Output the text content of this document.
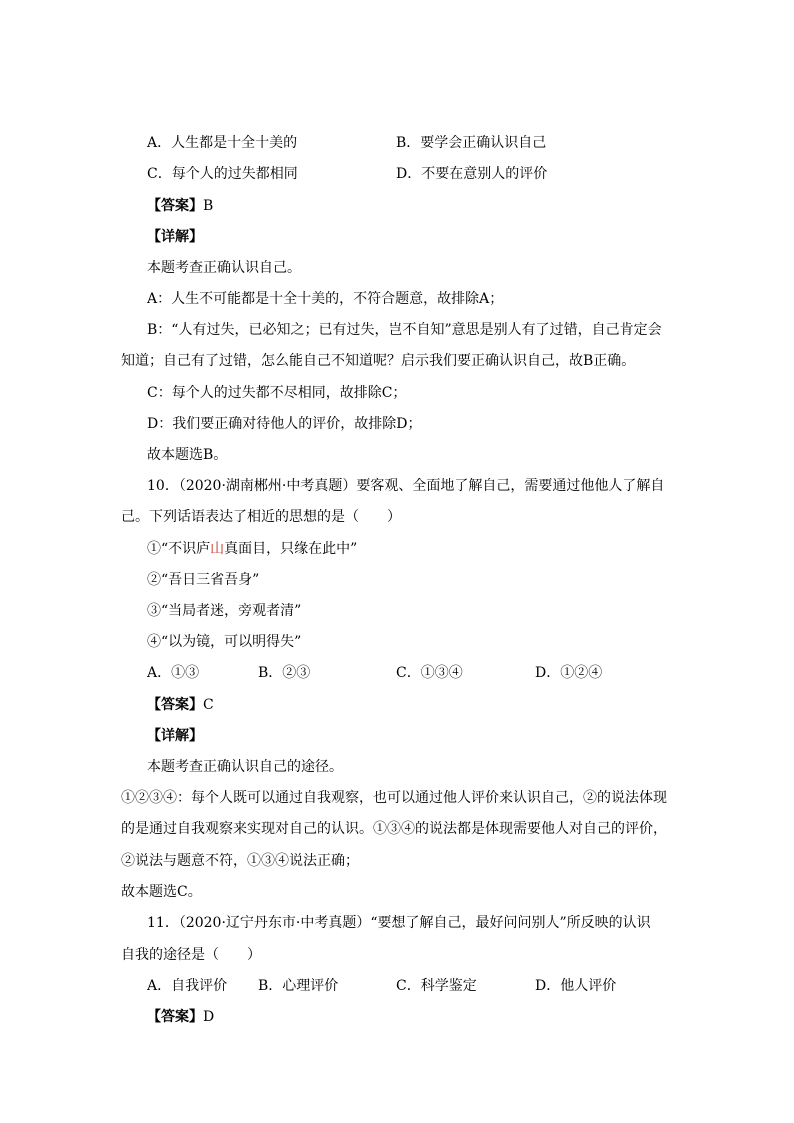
A．人生都是十全十美的	B．要学会正确认识自己
C．每个人的过失都相同	D．不要在意别人的评价
【答案】B
【详解】
本题考查正确认识自己。
A：人生不可能都是十全十美的，不符合题意，故排除A；
B：“人有过失，已必知之；已有过失，岂不自知”意思是别人有了过错，自己肯定会
知道；自己有了过错，怎么能自己不知道呢？启示我们要正确认识自己，故B正确。
C：每个人的过失都不尽相同，故排除C；
D：我们要正确对待他人的评价，故排除D；
故本题选B。
10．（2020·湖南郴州·中考真题）要客观、全面地了解自己，需要通过他他人了解自
己。下列话语表达了相近的思想的是（　　）
①“不识庐山真面目，只缘在此中”
②“吾日三省吾身”
③“当局者迷，旁观者清”
④“以为镜，可以明得失”
A．①③	B．②③	C．①③④	D．①②④
【答案】C
【详解】
本题考查正确认识自己的途径。
①②③④：每个人既可以通过自我观察，也可以通过他人评价来认识自己，②的说法体现
的是通过自我观察来实现对自己的认识。①③④的说法都是体现需要他人对自己的评价，
②说法与题意不符，①③④说法正确；
故本题选C。
11．（2020·辽宁丹东市·中考真题）“要想了解自己，最好问问别人”所反映的认识
自我的途径是（　　）
A．自我评价 B．心理评价	C．科学鉴定	D．他人评价
【答案】D
